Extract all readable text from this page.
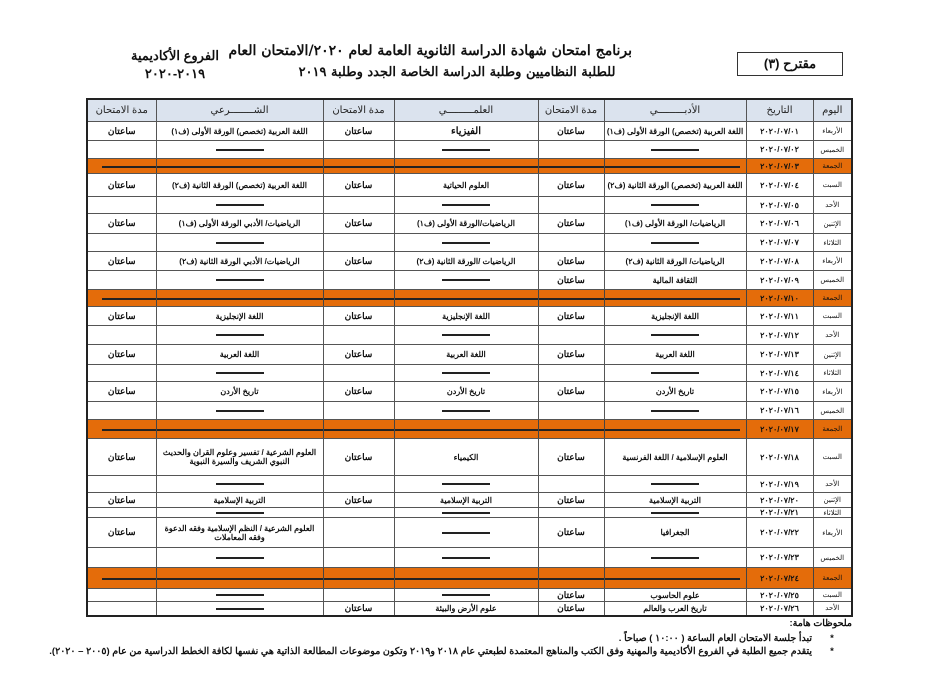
برنامج امتحان شهادة الدراسة الثانوية العامة لعام ٢٠٢٠/الامتحان العام
للطلبة النظاميين وطلبة الدراسة الخاصة الجدد وطلبة ٢٠١٩
الفروع الأكاديمية
٢٠١٩-٢٠٢٠
مقترح (٣)
اليوم	التاريخ	الأدبـــــــــي	مدة الامتحان	العلمـــــــــي	مدة الامتحان	الشــــــــرعي	مدة الامتحان
الأربعاء	٢٠٢٠/٠٧/٠١	اللغة العربية (تخصص) الورقة الأولى (ف١)	ساعتان	الفيزياء	ساعتان	اللغة العربية (تخصص) الورقة الأولى (ف١)	ساعتان
الخميس	٢٠٢٠/٠٧/٠٢						
الجمعة	٢٠٢٠/٠٧/٠٣						
السبت	٢٠٢٠/٠٧/٠٤	اللغة العربية (تخصص) الورقة الثانية (ف٢)	ساعتان	العلوم الحياتية	ساعتان	اللغة العربية (تخصص) الورقة الثانية (ف٢)	ساعتان
الأحد	٢٠٢٠/٠٧/٠٥						
الإثنين	٢٠٢٠/٠٧/٠٦	الرياضيات/ الورقة الأولى (ف١)	ساعتان	الرياضيات/الورقة الأولى (ف١)	ساعتان	الرياضيات/ الأدبي الورقة الأولى (ف١)	ساعتان
الثلاثاء	٢٠٢٠/٠٧/٠٧						
الأربعاء	٢٠٢٠/٠٧/٠٨	الرياضيات/ الورقة الثانية (ف٢)	ساعتان	الرياضيات /الورقة الثانية (ف٢)	ساعتان	الرياضيات/ الأدبي الورقة الثانية (ف٢)	ساعتان
الخميس	٢٠٢٠/٠٧/٠٩	الثقافة المالية	ساعتان				
الجمعة	٢٠٢٠/٠٧/١٠						
السبت	٢٠٢٠/٠٧/١١	اللغة الإنجليزية	ساعتان	اللغة الإنجليزية	ساعتان	اللغة الإنجليزية	ساعتان
الأحد	٢٠٢٠/٠٧/١٢						
الإثنين	٢٠٢٠/٠٧/١٣	اللغة العربية	ساعتان	اللغة العربية	ساعتان	اللغة العربية	ساعتان
الثلاثاء	٢٠٢٠/٠٧/١٤						
الأربعاء	٢٠٢٠/٠٧/١٥	تاريخ الأردن	ساعتان	تاريخ الأردن	ساعتان	تاريخ الأردن	ساعتان
الخميس	٢٠٢٠/٠٧/١٦						
الجمعة	٢٠٢٠/٠٧/١٧						
السبت	٢٠٢٠/٠٧/١٨	العلوم الإسلامية / اللغة الفرنسية	ساعتان	الكيمياء	ساعتان	العلوم الشرعية / تفسير وعلوم القران والحديث النبوي الشريف والسيرة النبوية	ساعتان
الأحد	٢٠٢٠/٠٧/١٩						
الإثنين	٢٠٢٠/٠٧/٢٠	التربية الإسلامية	ساعتان	التربية الإسلامية	ساعتان	التربية الإسلامية	ساعتان
الثلاثاء	٢٠٢٠/٠٧/٢١						
الأربعاء	٢٠٢٠/٠٧/٢٢	الجغرافيا	ساعتان			العلوم الشرعية / النظم الإسلامية وفقه الدعوة وفقه المعاملات	ساعتان
الخميس	٢٠٢٠/٠٧/٢٣						
الجمعة	٢٠٢٠/٠٧/٢٤						
السبت	٢٠٢٠/٠٧/٢٥	علوم الحاسوب	ساعتان				
الأحد	٢٠٢٠/٠٧/٢٦	تاريخ العرب والعالم	ساعتان	علوم الأرض والبيئة	ساعتان		
ملحوظات هامة:
*تبدأ جلسة الامتحان العام الساعة ( ١٠:٠٠ ) صباحاً .
*يتقدم جميع الطلبة في الفروع الأكاديمية والمهنية وفق الكتب والمناهج المعتمدة لطبعتي عام ٢٠١٨ و٢٠١٩ وتكون موضوعات المطالعة الذاتية هي نفسها لكافة الخطط الدراسية من عام (٢٠٠٥ – ٢٠٢٠).
